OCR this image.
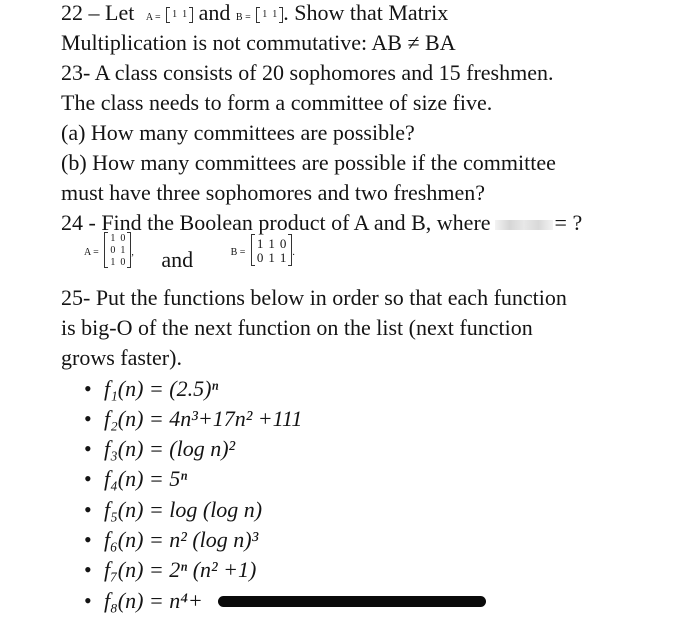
22 – Let A = 1 1 and B = 1 1 . Show that Matrix
Multiplication is not commutative: AB ≠ BA
23- A class consists of 20 sophomores and 15 freshmen.
The class needs to form a committee of size five.
(a) How many committees are possible?
(b) How many committees are possible if the committee
must have three sophomores and two freshmen?
24 - Find the Boolean product of A and B, where	= ?
A =
1 0
0 1
1 0
, and	B =
1 1 0
0 1 1 .
25- Put the functions below in order so that each function
is big-O of the next function on the list (next function
grows faster).
• f₁(n) = (2.5)ⁿ
• f₂(n) = 4n³+17n² +111
• f₃(n) = (log n)²
• f₄(n) = 5ⁿ
• f₅(n) = log (log n)
• f₆(n) = n² (log n)³
• f₇(n) = 2ⁿ (n² +1)
• f₈(n) = n⁴+
